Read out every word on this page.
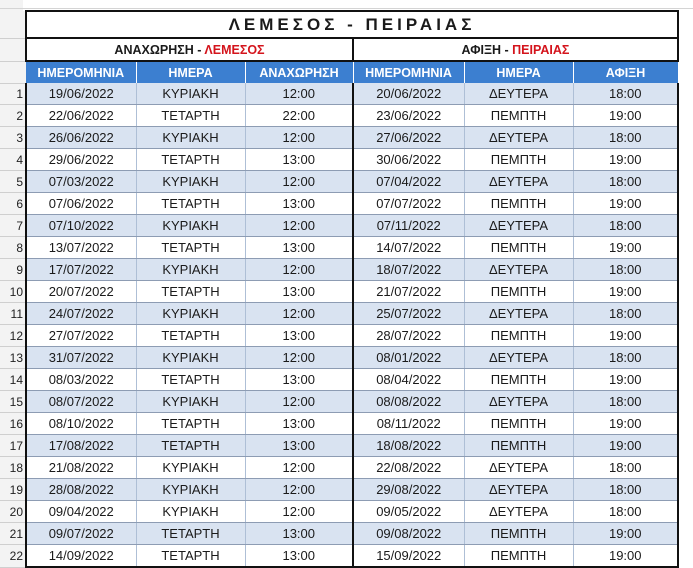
	ΛΕΜΕΣΟΣ - ΠΕΙΡΑΙΑΣ					
	ΑΝΑΧΩΡΗΣΗ - ΛΕΜΕΣΟΣ			ΑΦΙΞΗ - ΠΕΙΡΑΙΑΣ		
	ΗΜΕΡΟΜΗΝΙΑ	ΗΜΕΡΑ	ΑΝΑΧΩΡΗΣΗ	ΗΜΕΡΟΜΗΝΙΑ	ΗΜΕΡΑ	ΑΦΙΞΗ
1	19/06/2022	ΚΥΡΙΑΚΗ	12:00	20/06/2022	ΔΕΥΤΕΡΑ	18:00
2	22/06/2022	ΤΕΤΑΡΤΗ	22:00	23/06/2022	ΠΕΜΠΤΗ	19:00
3	26/06/2022	ΚΥΡΙΑΚΗ	12:00	27/06/2022	ΔΕΥΤΕΡΑ	18:00
4	29/06/2022	ΤΕΤΑΡΤΗ	13:00	30/06/2022	ΠΕΜΠΤΗ	19:00
5	07/03/2022	ΚΥΡΙΑΚΗ	12:00	07/04/2022	ΔΕΥΤΕΡΑ	18:00
6	07/06/2022	ΤΕΤΑΡΤΗ	13:00	07/07/2022	ΠΕΜΠΤΗ	19:00
7	07/10/2022	ΚΥΡΙΑΚΗ	12:00	07/11/2022	ΔΕΥΤΕΡΑ	18:00
8	13/07/2022	ΤΕΤΑΡΤΗ	13:00	14/07/2022	ΠΕΜΠΤΗ	19:00
9	17/07/2022	ΚΥΡΙΑΚΗ	12:00	18/07/2022	ΔΕΥΤΕΡΑ	18:00
10	20/07/2022	ΤΕΤΑΡΤΗ	13:00	21/07/2022	ΠΕΜΠΤΗ	19:00
11	24/07/2022	ΚΥΡΙΑΚΗ	12:00	25/07/2022	ΔΕΥΤΕΡΑ	18:00
12	27/07/2022	ΤΕΤΑΡΤΗ	13:00	28/07/2022	ΠΕΜΠΤΗ	19:00
13	31/07/2022	ΚΥΡΙΑΚΗ	12:00	08/01/2022	ΔΕΥΤΕΡΑ	18:00
14	08/03/2022	ΤΕΤΑΡΤΗ	13:00	08/04/2022	ΠΕΜΠΤΗ	19:00
15	08/07/2022	ΚΥΡΙΑΚΗ	12:00	08/08/2022	ΔΕΥΤΕΡΑ	18:00
16	08/10/2022	ΤΕΤΑΡΤΗ	13:00	08/11/2022	ΠΕΜΠΤΗ	19:00
17	17/08/2022	ΤΕΤΑΡΤΗ	13:00	18/08/2022	ΠΕΜΠΤΗ	19:00
18	21/08/2022	ΚΥΡΙΑΚΗ	12:00	22/08/2022	ΔΕΥΤΕΡΑ	18:00
19	28/08/2022	ΚΥΡΙΑΚΗ	12:00	29/08/2022	ΔΕΥΤΕΡΑ	18:00
20	09/04/2022	ΚΥΡΙΑΚΗ	12:00	09/05/2022	ΔΕΥΤΕΡΑ	18:00
21	09/07/2022	ΤΕΤΑΡΤΗ	13:00	09/08/2022	ΠΕΜΠΤΗ	19:00
22	14/09/2022	ΤΕΤΑΡΤΗ	13:00	15/09/2022	ΠΕΜΠΤΗ	19:00
